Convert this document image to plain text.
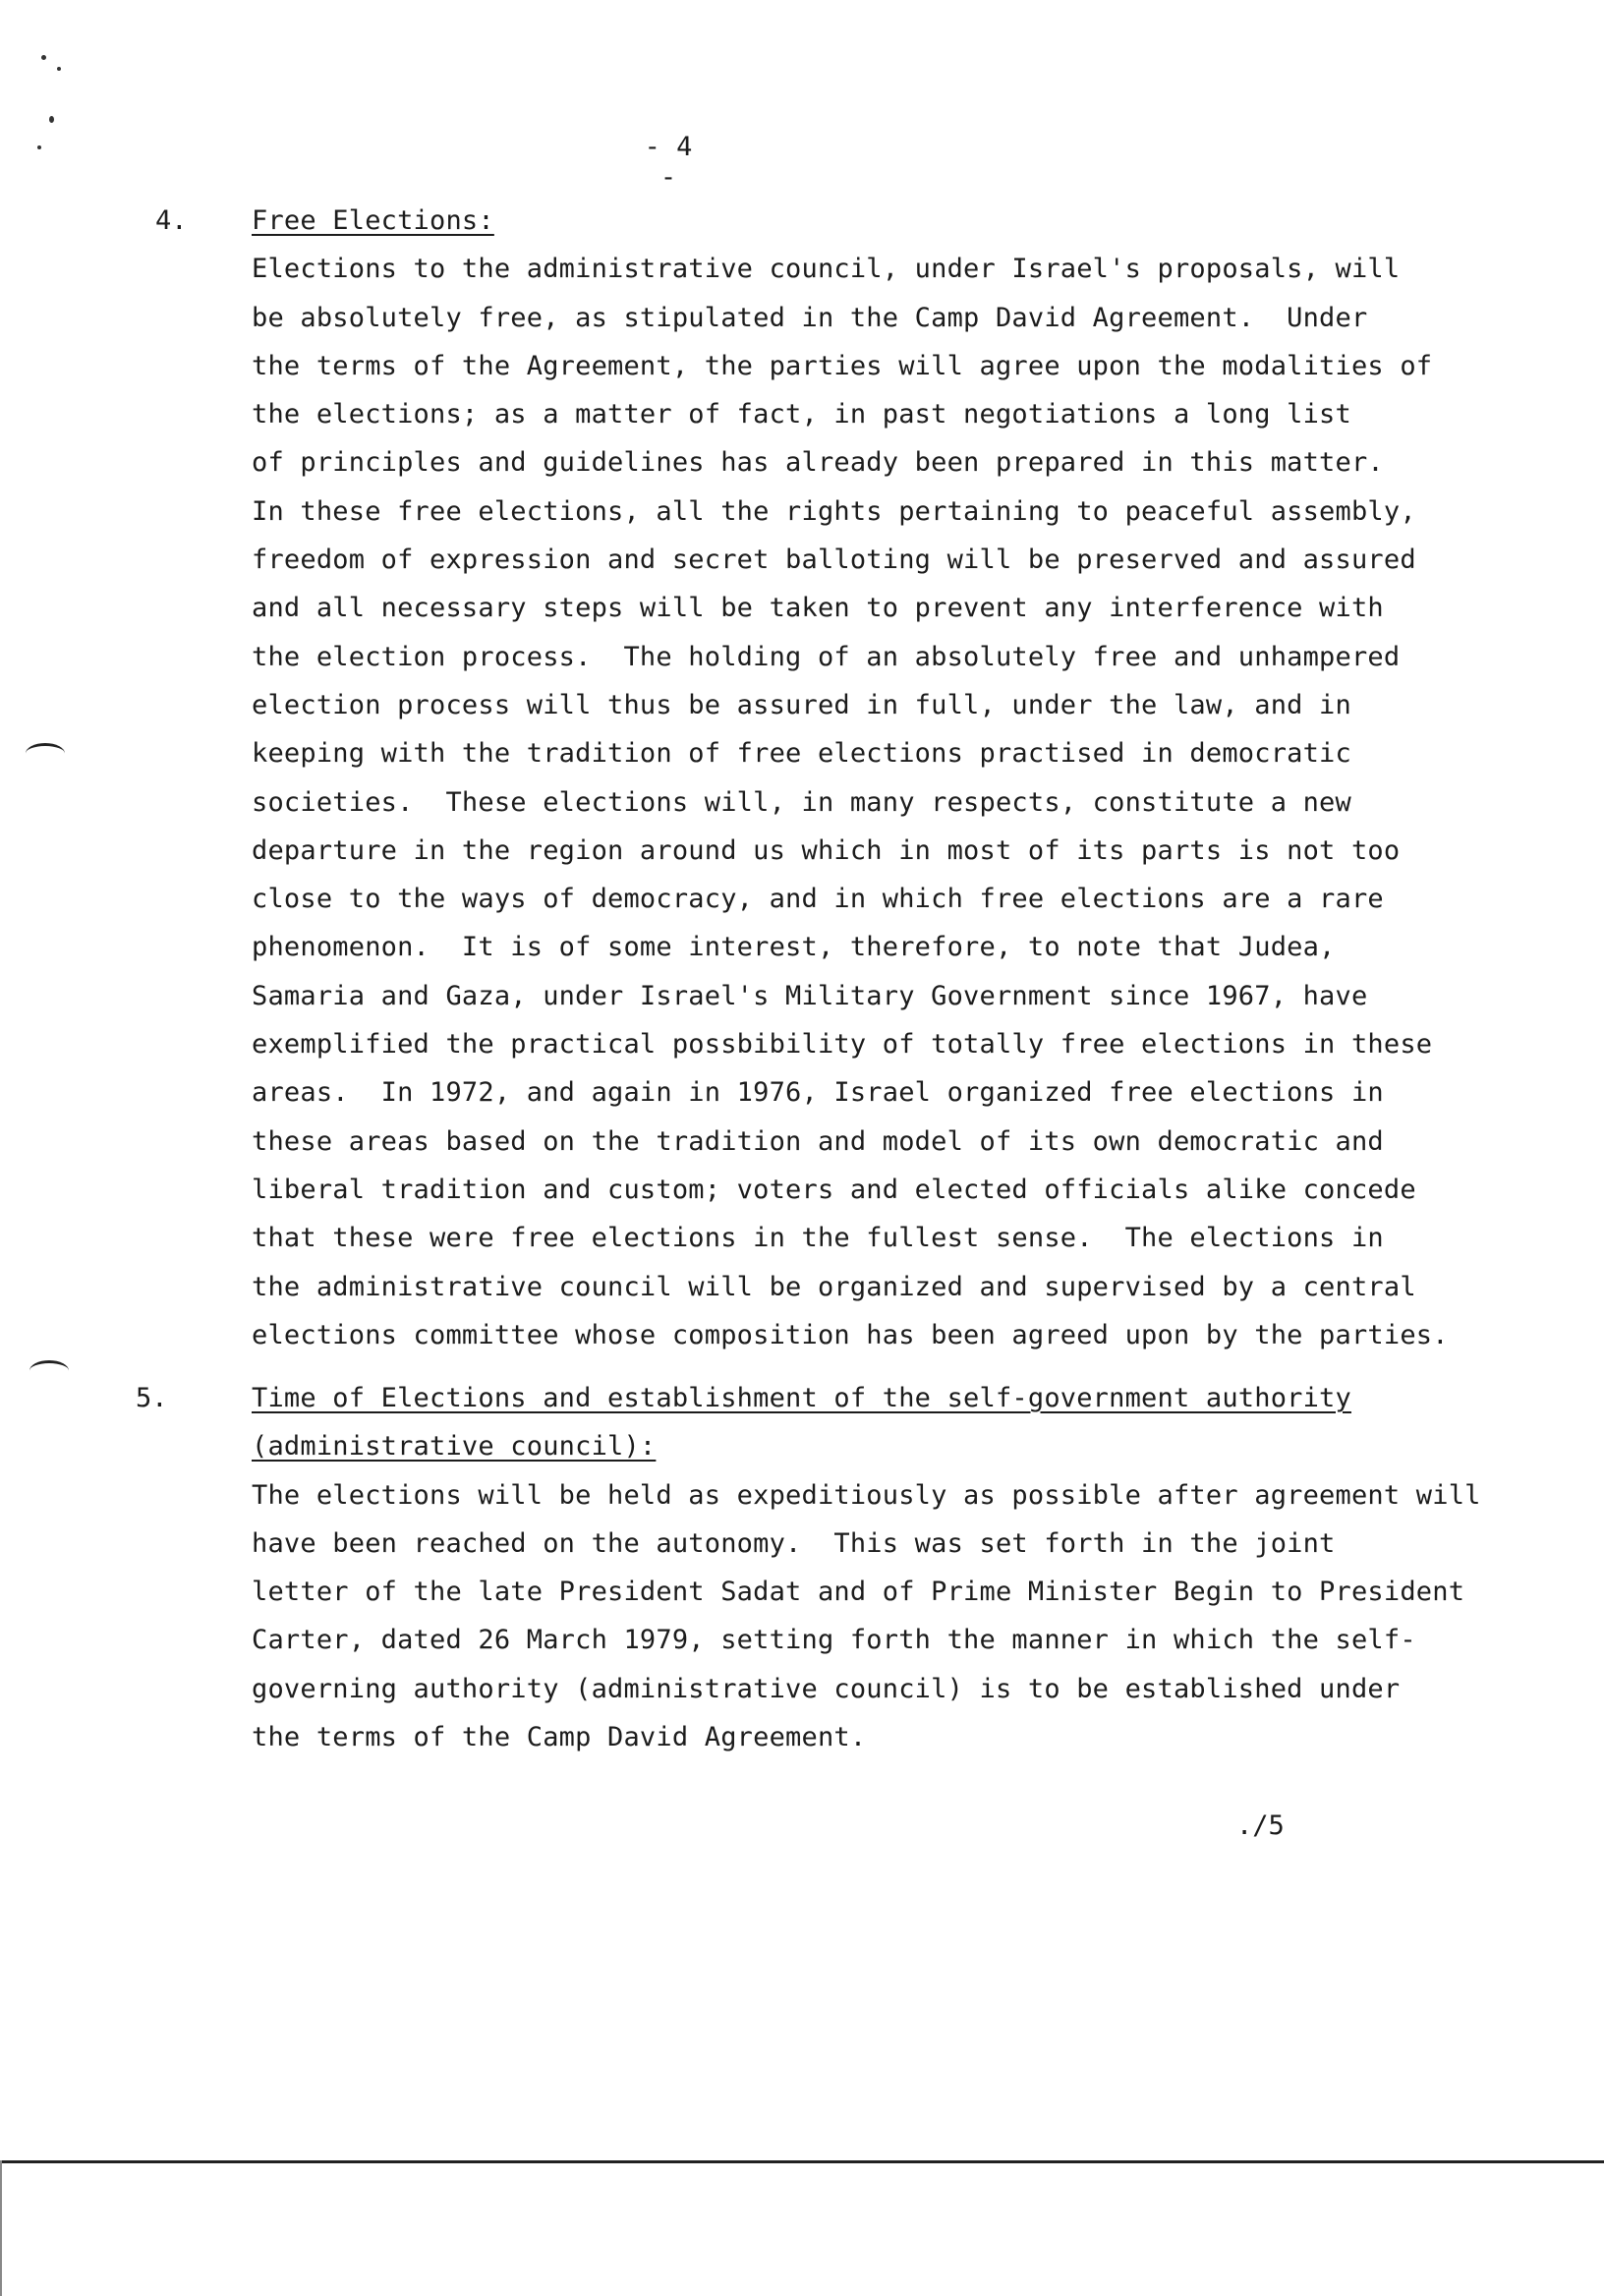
- 4 -
4. Free Elections:
Elections to the administrative council, under Israel's proposals, will
be absolutely free, as stipulated in the Camp David Agreement.  Under
the terms of the Agreement, the parties will agree upon the modalities of
the elections; as a matter of fact, in past negotiations a long list
of principles and guidelines has already been prepared in this matter.
In these free elections, all the rights pertaining to peaceful assembly,
freedom of expression and secret balloting will be preserved and assured
and all necessary steps will be taken to prevent any interference with
the election process.  The holding of an absolutely free and unhampered
election process will thus be assured in full, under the law, and in
keeping with the tradition of free elections practised in democratic
societies.  These elections will, in many respects, constitute a new
departure in the region around us which in most of its parts is not too
close to the ways of democracy, and in which free elections are a rare
phenomenon.  It is of some interest, therefore, to note that Judea,
Samaria and Gaza, under Israel's Military Government since 1967, have
exemplified the practical possbibility of totally free elections in these
areas.  In 1972, and again in 1976, Israel organized free elections in
these areas based on the tradition and model of its own democratic and
liberal tradition and custom; voters and elected officials alike concede
that these were free elections in the fullest sense.  The elections in
the administrative council will be organized and supervised by a central
elections committee whose composition has been agreed upon by the parties.
5.	Time of Elections and establishment of the self-government authority
(administrative council):
The elections will be held as expeditiously as possible after agreement will
have been reached on the autonomy.  This was set forth in the joint
letter of the late President Sadat and of Prime Minister Begin to President
Carter, dated 26 March 1979, setting forth the manner in which the self-
governing authority (administrative council) is to be established under
the terms of the Camp David Agreement.
./5
